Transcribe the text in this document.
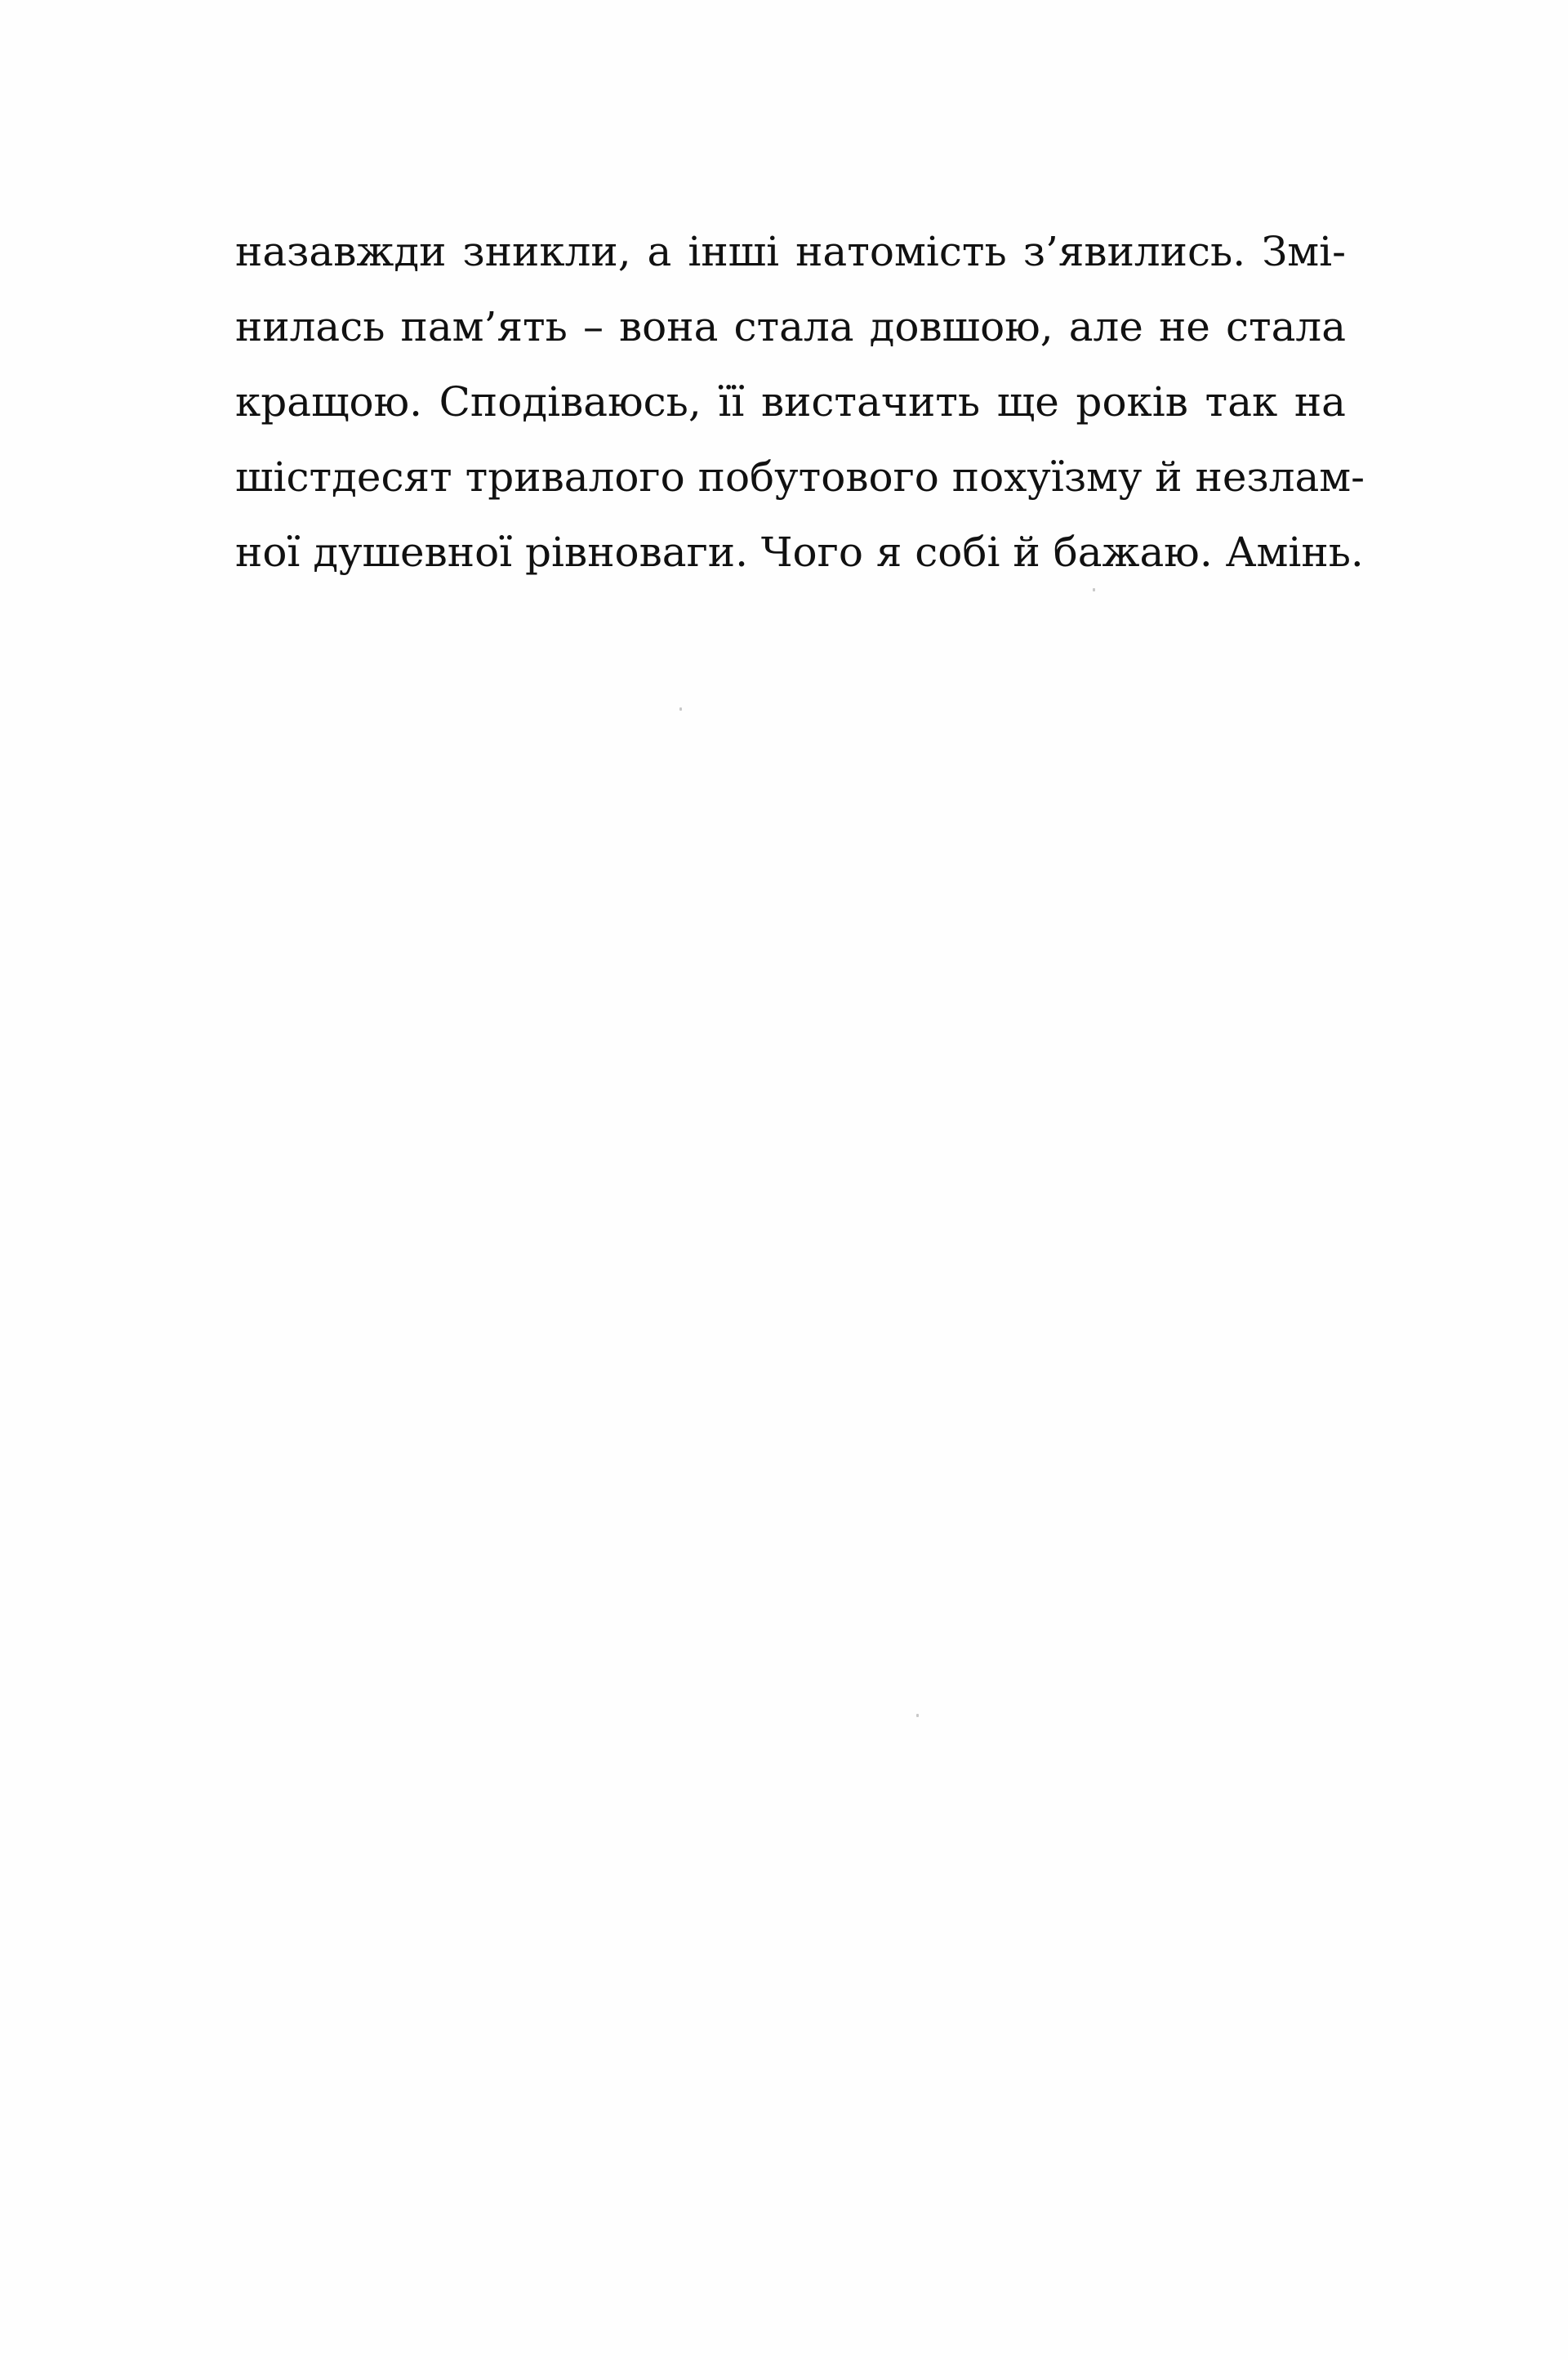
назавжди зникли, а інші натомість з’явились. Змі-
нилась пам’ять – вона стала довшою, але не стала
кращою. Сподіваюсь, її вистачить ще років так на
шістдесят тривалого побутового похуїзму й незлам-
ної душевної рівноваги. Чого я собі й бажаю. Амінь.
